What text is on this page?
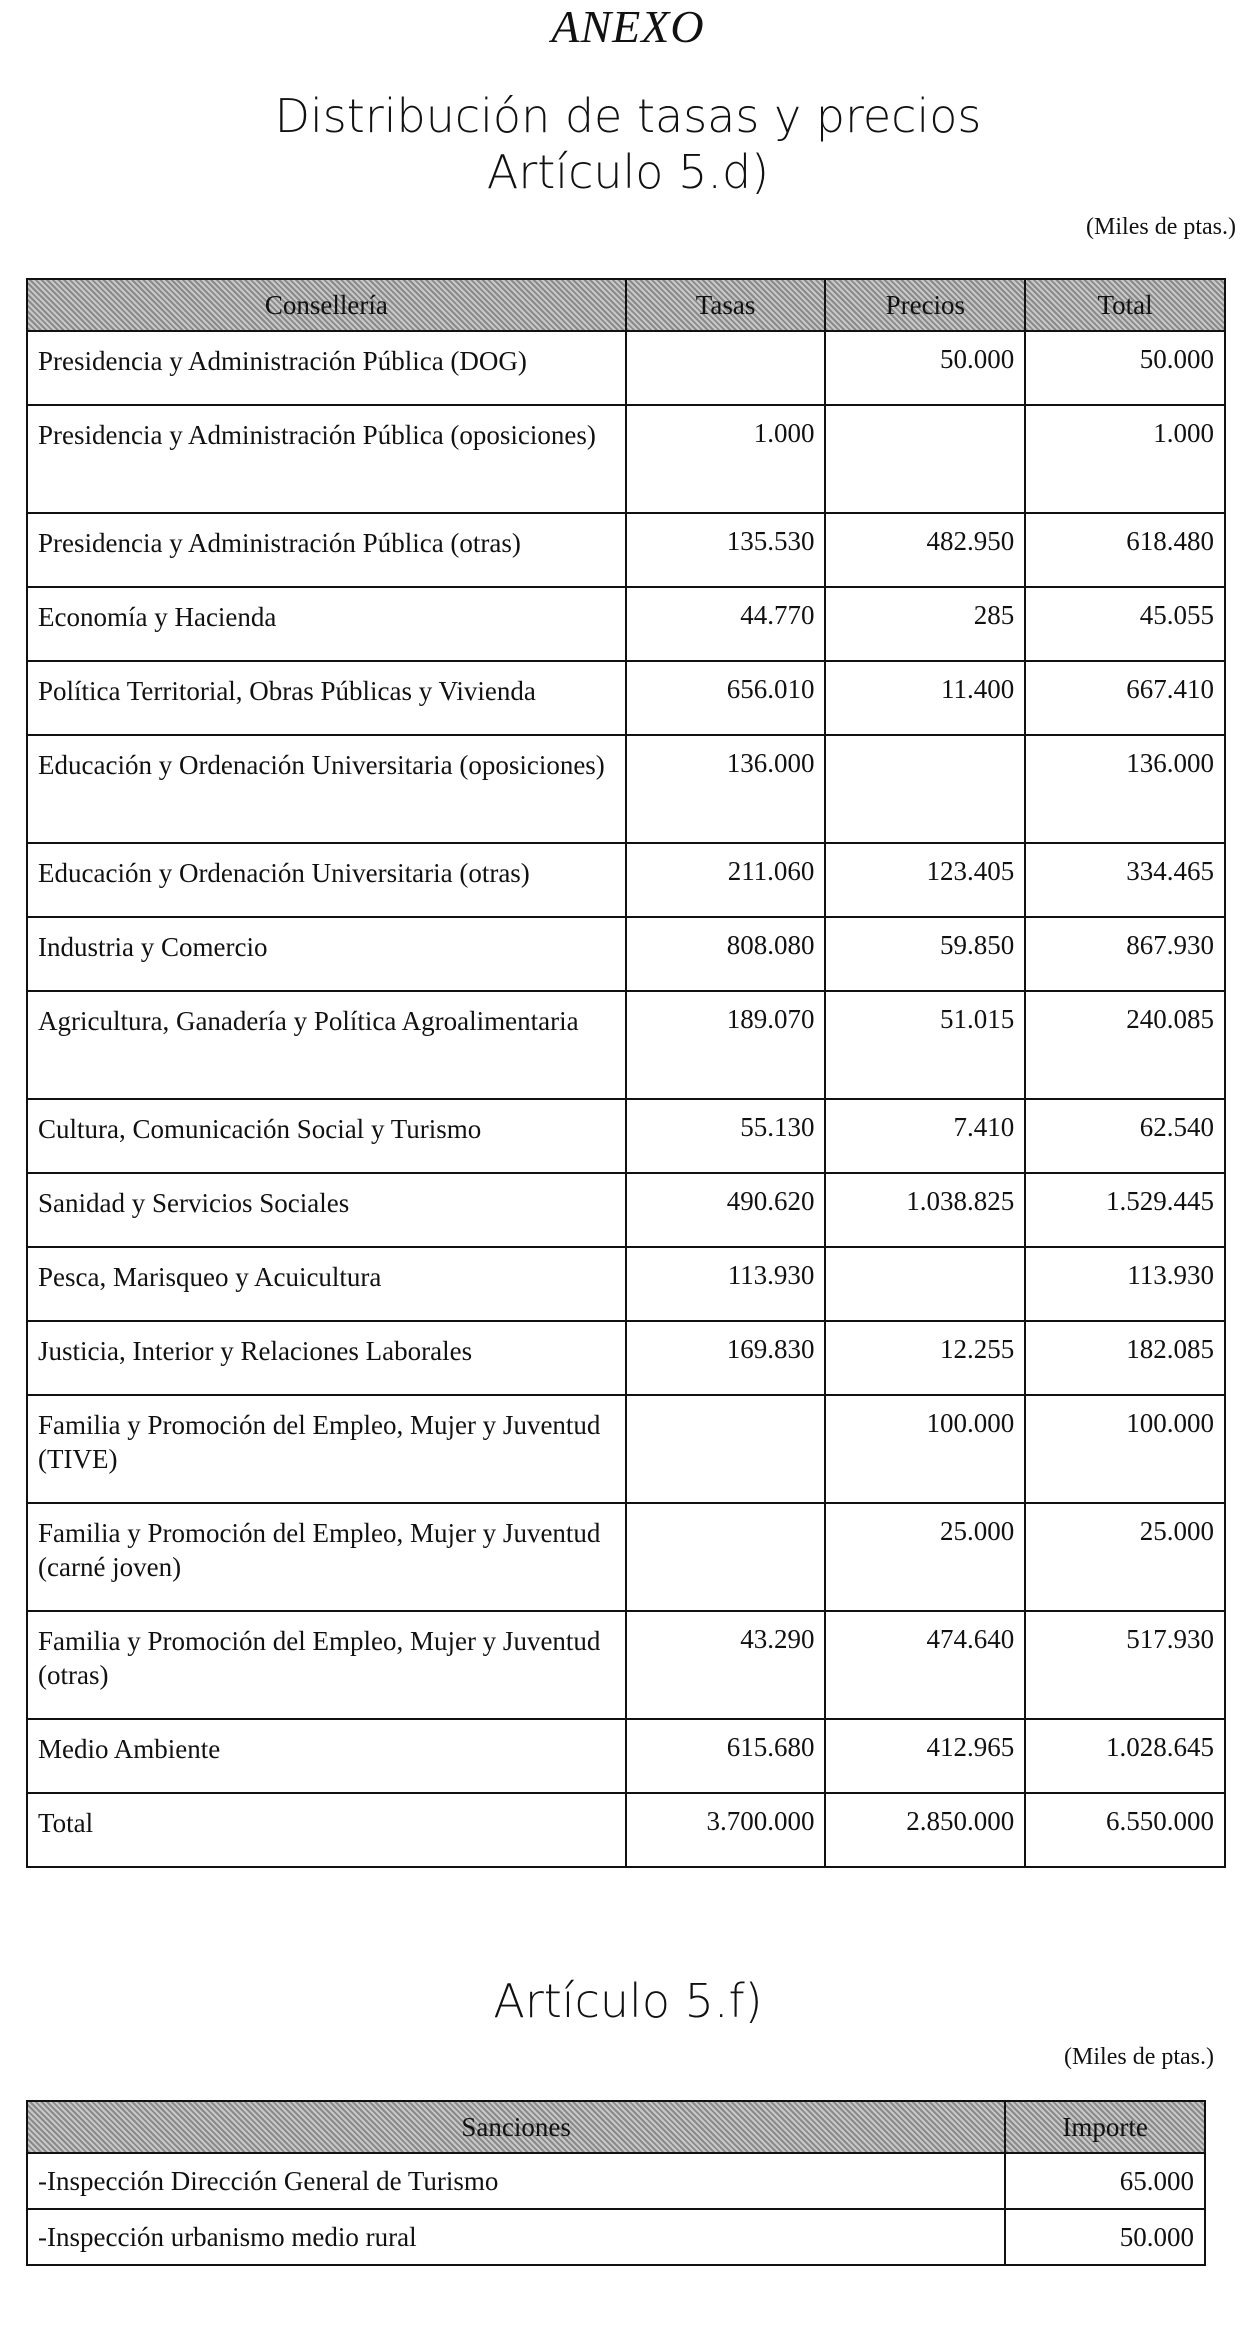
ANEXO
Distribución de tasas y precios
Artículo 5.d)
(Miles de ptas.)
Consellería	Tasas	Precios	Total
Presidencia y Administración Pública (DOG)		50.000	50.000
Presidencia y Administración Pública (oposiciones)	1.000		1.000
Presidencia y Administración Pública (otras)	135.530	482.950	618.480
Economía y Hacienda	44.770	285	45.055
Política Territorial, Obras Públicas y Vivienda	656.010	11.400	667.410
Educación y Ordenación Universitaria (oposiciones)	136.000		136.000
Educación y Ordenación Universitaria (otras)	211.060	123.405	334.465
Industria y Comercio	808.080	59.850	867.930
Agricultura, Ganadería y Política Agroalimentaria	189.070	51.015	240.085
Cultura, Comunicación Social y Turismo	55.130	7.410	62.540
Sanidad y Servicios Sociales	490.620	1.038.825	1.529.445
Pesca, Marisqueo y Acuicultura	113.930		113.930
Justicia, Interior y Relaciones Laborales	169.830	12.255	182.085
Familia y Promoción del Empleo, Mujer y Juventud (TIVE)		100.000	100.000
Familia y Promoción del Empleo, Mujer y Juventud (carné joven)		25.000	25.000
Familia y Promoción del Empleo, Mujer y Juventud (otras)	43.290	474.640	517.930
Medio Ambiente	615.680	412.965	1.028.645
Total	3.700.000	2.850.000	6.550.000
Artículo 5.f)
(Miles de ptas.)
Sanciones	Importe
-Inspección Dirección General de Turismo	65.000
-Inspección urbanismo medio rural	50.000
